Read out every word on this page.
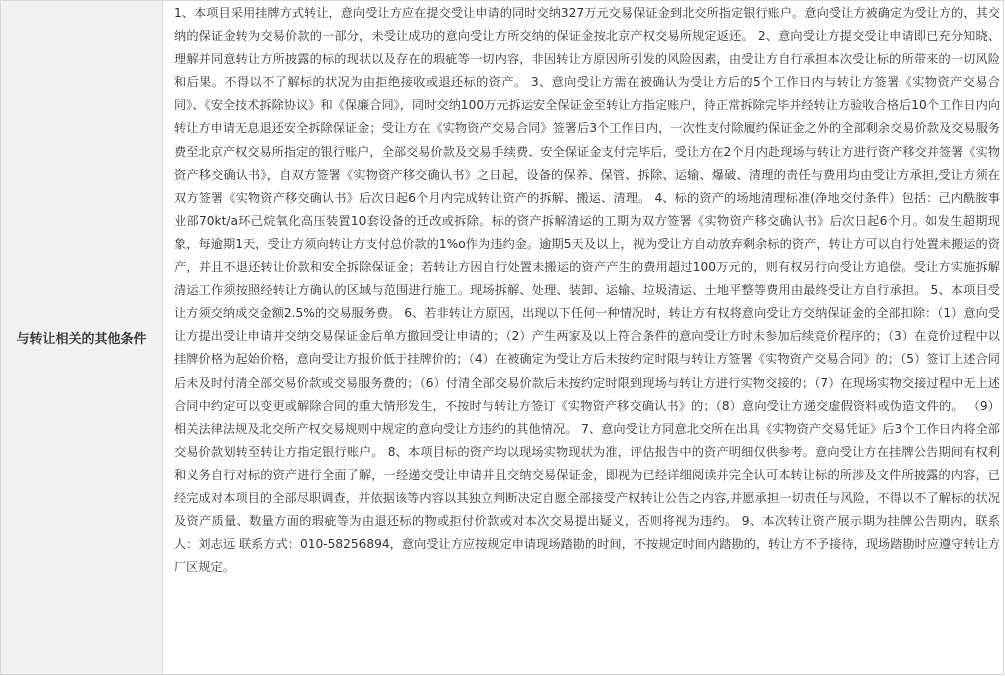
与转让相关的其他条件

1、本项目采用挂牌方式转让，意向受让方应在提交受让申请的同时交纳327万元交易保证金到北交所指定银行账户。意向受让方被确定为受让方的，其交纳的保证金转为交易价款的一部分，未受让成功的意向受让方所交纳的保证金按北京产权交易所规定返还。 2、意向受让方提交受让申请即已充分知晓、理解并同意转让方所披露的标的现状以及存在的瑕疵等一切内容，非因转让方原因所引发的风险因素，由受让方自行承担本次受让标的所带来的一切风险和后果。不得以不了解标的状况为由拒绝接收或退还标的资产。 3、意向受让方需在被确认为受让方后的5个工作日内与转让方签署《实物资产交易合同》、《安全技术拆除协议》和《保廉合同》，同时交纳100万元拆运安全保证金至转让方指定账户，待正常拆除完毕并经转让方验收合格后10个工作日内向转让方申请无息退还安全拆除保证金；受让方在《实物资产交易合同》签署后3个工作日内，一次性支付除履约保证金之外的全部剩余交易价款及交易服务费至北京产权交易所指定的银行账户，全部交易价款及交易手续费、安全保证金支付完毕后，受让方在2个月内赴现场与转让方进行资产移交并签署《实物资产移交确认书》，自双方签署《实物资产移交确认书》之日起，设备的保养、保管、拆除、运输、爆破、清理的责任与费用均由受让方承担,受让方须在双方签署《实物资产移交确认书》后次日起6个月内完成转让资产的拆解、搬运、清理。 4、标的资产的场地清理标准(净地交付条件）包括：己内酰胺事业部70kt/a环己烷氧化高压装置10套设备的迁改或拆除。标的资产拆解清运的工期为双方签署《实物资产移交确认书》后次日起6个月。如发生超期现象，每逾期1天，受让方须向转让方支付总价款的1%o作为违约金。逾期5天及以上，视为受让方自动放弃剩余标的资产，转让方可以自行处置未搬运的资产，并且不退还转让价款和安全拆除保证金；若转让方因自行处置未搬运的资产产生的费用超过100万元的，则有权另行向受让方追偿。受让方实施拆解清运工作须按照经转让方确认的区域与范围进行施工。现场拆解、处理、装卸、运输、垃圾清运、土地平整等费用由最终受让方自行承担。 5、本项目受让方须交纳成交金额2.5%的交易服务费。 6、若非转让方原因，出现以下任何一种情况时，转让方有权将意向受让方交纳保证金的全部扣除：（1）意向受让方提出受让申请并交纳交易保证金后单方撤回受让申请的；（2）产生两家及以上符合条件的意向受让方时未参加后续竞价程序的；（3）在竞价过程中以挂牌价格为起始价格，意向受让方报价低于挂牌价的；（4）在被确定为受让方后未按约定时限与转让方签署《实物资产交易合同》的；（5）签订上述合同后未及时付清全部交易价款或交易服务费的；（6）付清全部交易价款后未按约定时限到现场与转让方进行实物交接的；（7）在现场实物交接过程中无上述合同中约定可以变更或解除合同的重大情形发生，不按时与转让方签订《实物资产移交确认书》的；（8）意向受让方递交虚假资料或伪造文件的。 （9）相关法律法规及北交所产权交易规则中规定的意向受让方违约的其他情况。 7、意向受让方同意北交所在出具《实物资产交易凭证》后3个工作日内将全部交易价款划转至转让方指定银行账户。 8、本项目标的资产均以现场实物现状为准，评估报告中的资产明细仅供参考。意向受让方在挂牌公告期间有权利和义务自行对标的资产进行全面了解，一经递交受让申请并且交纳交易保证金，即视为已经详细阅读并完全认可本转让标的所涉及文件所披露的内容，已经完成对本项目的全部尽职调查，并依据该等内容以其独立判断决定自愿全部接受产权转让公告之内容,并愿承担一切责任与风险，不得以不了解标的状况及资产质量、数量方面的瑕疵等为由退还标的物或拒付价款或对本次交易提出疑义，否则将视为违约。 9、本次转让资产展示期为挂牌公告期内，联系人：刘志远 联系方式：010-58256894，意向受让方应按规定申请现场踏勘的时间，不按规定时间内踏勘的，转让方不予接待，现场踏勘时应遵守转让方厂区规定。
